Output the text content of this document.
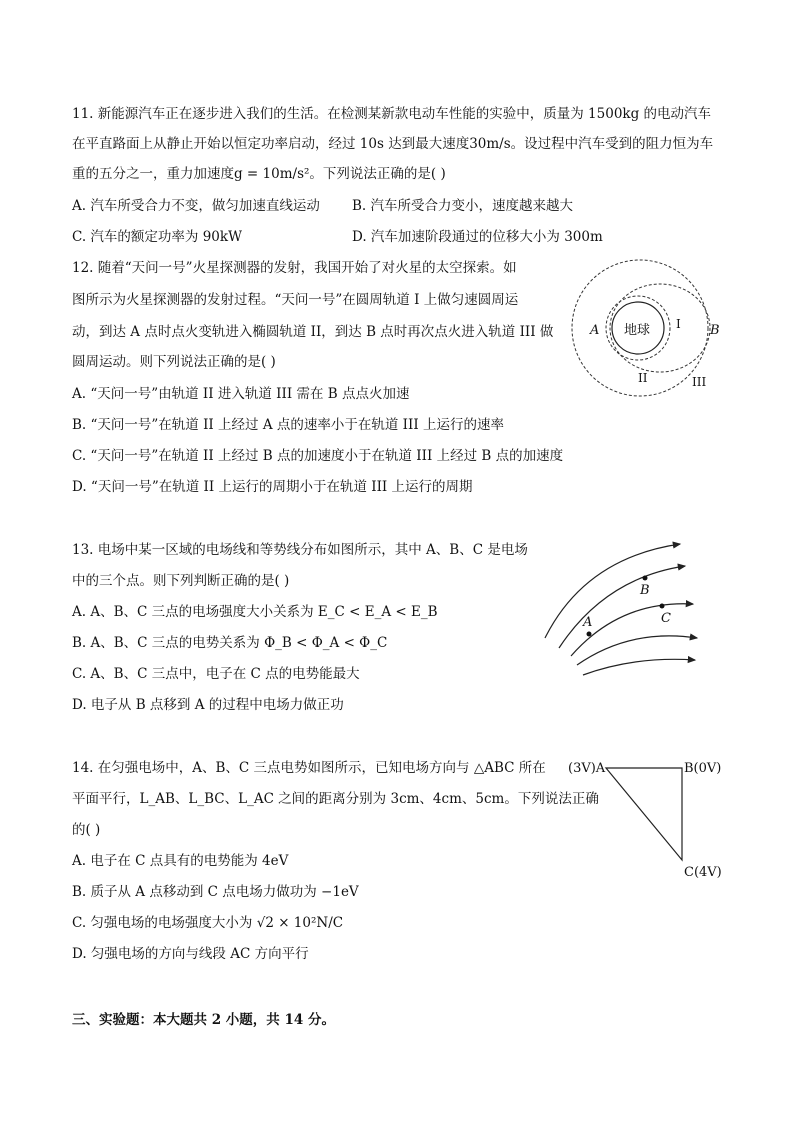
11. 新能源汽车正在逐步进入我们的生活。在检测某新款电动车性能的实验中，质量为 1500kg 的电动汽车
在平直路面上从静止开始以恒定功率启动，经过 10s 达到最大速度30m/s。设过程中汽车受到的阻力恒为车
重的五分之一，重力加速度g = 10m/s²。下列说法正确的是( )
A. 汽车所受合力不变，做匀加速直线运动 B. 汽车所受合力变小，速度越来越大
C. 汽车的额定功率为 90kW	D. 汽车加速阶段通过的位移大小为 300m
12. 随着“天问一号”火星探测器的发射，我国开始了对火星的太空探索。如
图所示为火星探测器的发射过程。“天问一号”在圆周轨道 I 上做匀速圆周运
动，到达 A 点时点火变轨进入椭圆轨道 II，到达 B 点时再次点火进入轨道 III 做
圆周运动。则下列说法正确的是( )
A. “天问一号”由轨道 II 进入轨道 III 需在 B 点点火加速
B. “天问一号”在轨道 II 上经过 A 点的速率小于在轨道 III 上运行的速率
C. “天问一号”在轨道 II 上经过 B 点的加速度小于在轨道 III 上经过 B 点的加速度
D. “天问一号”在轨道 II 上运行的周期小于在轨道 III 上运行的周期
地球
A	B
I
II	III
13. 电场中某一区域的电场线和等势线分布如图所示，其中 A、B、C 是电场
中的三个点。则下列判断正确的是( )
A. A、B、C 三点的电场强度大小关系为 E_C < E_A < E_B
B. A、B、C 三点的电势关系为 Φ_B < Φ_A < Φ_C
C. A、B、C 三点中，电子在 C 点的电势能最大
D. 电子从 B 点移到 A 的过程中电场力做正功
A
B
C
14. 在匀强电场中，A、B、C 三点电势如图所示，已知电场方向与 △ABC 所在
平面平行，L_AB、L_BC、L_AC 之间的距离分别为 3cm、4cm、5cm。下列说法正确
的( )
A. 电子在 C 点具有的电势能为 4eV
B. 质子从 A 点移动到 C 点电场力做功为 −1eV
C. 匀强电场的电场强度大小为 √2 × 10²N/C
D. 匀强电场的方向与线段 AC 方向平行
(3V)A	B(0V)
C(4V)
三、实验题：本大题共 2 小题，共 14 分。
